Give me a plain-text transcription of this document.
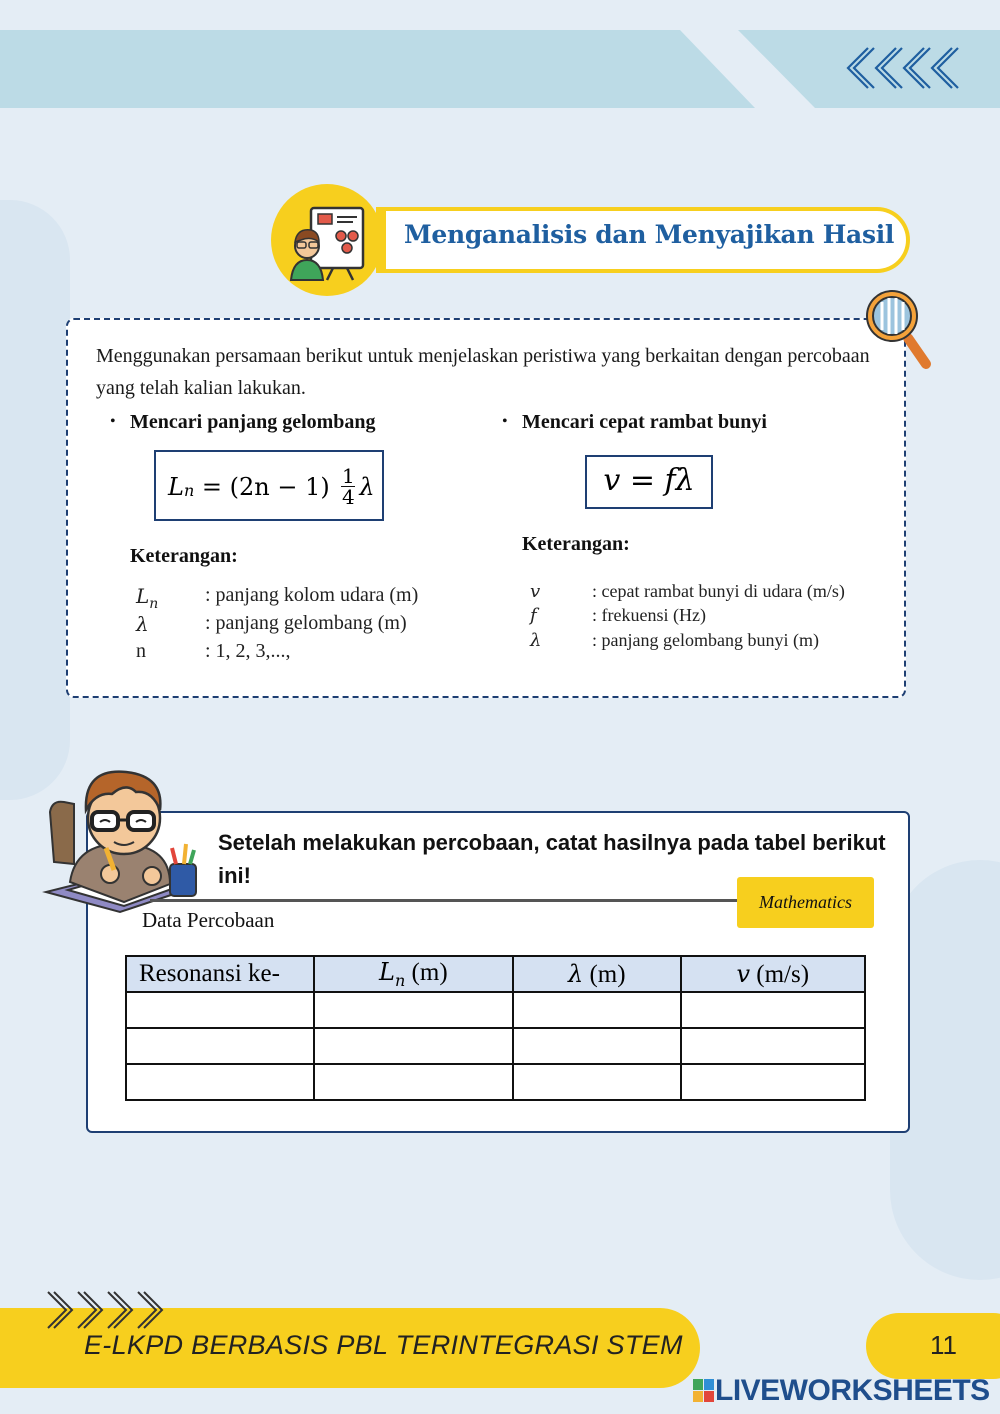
Menganalisis dan Menyajikan Hasil

Menggunakan persamaan berikut untuk menjelaskan peristiwa yang berkaitan dengan percobaan yang telah kalian lakukan.

• Mencari panjang gelombang	• Mencari cepat rambat bunyi

$L_n = (2n - 1)$ 1
4 λ	v = fλ

Keterangan:

Keterangan:

$L_n$ : panjang kolom udara (m)
λ	: panjang gelombang (m)
n	: 1, 2, 3,...,
v	: cepat rambat bunyi di udara (m/s)
f	: frekuensi (Hz)
λ	: panjang gelombang bunyi (m)

Setelah melakukan percobaan, catat hasilnya pada tabel berikut ini!

Mathematics

Data Percobaan

Resonansi ke-	$L_n$ (m)	λ (m)	v (m/s)

E-LKPD BERBASIS PBL TERINTEGRASI STEM	11

LIVEWORKSHEETS
